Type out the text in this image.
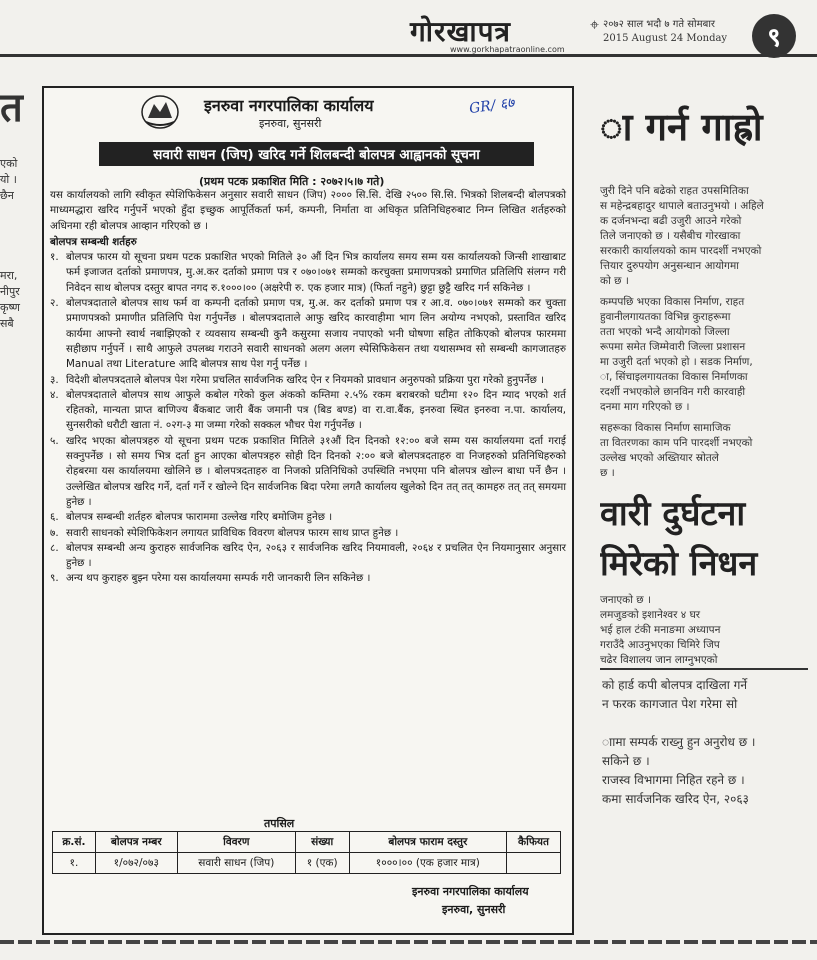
गोरखापत्र
www.gorkhapatraonline.com
⌖ २०७२ साल भदौ ७ गते सोमबार
2015 August 24 Monday	९
त
एको
यो ।
छैन

मरा,
नीपुर
कृष्ण
सबै
ा गर्न गाह्रो
जुरी दिने पनि बढेको राहत उपसमितिका
स महेन्द्रबहादुर थापाले बताउनुभयो । अहिले
क दर्जनभन्दा बढी उजुरी आउने गरेको
तिले जनाएको छ । यसैबीच गोरखाका
सरकारी कार्यालयको काम पारदर्शी नभएको
त्तियार दुरुपयोग अनुसन्धान आयोगमा
को छ ।
कम्पपछि भएका विकास निर्माण, राहत
हुवानीलगायतका विभिन्न कुराहरूमा
तता भएको भन्दै आयोगको जिल्ला
रूपमा समेत जिम्मेवारी जिल्ला प्रशासन
मा उजुरी दर्ता भएको हो । सडक निर्माण,
ा, सिंचाइलगायतका विकास निर्माणका
रदर्शी नभएकोले छानविन गरी कारवाही
दनमा माग गरिएको छ ।
सहरूका विकास निर्माण सामाजिक
ता वितरणका काम पनि पारदर्शी नभएको
उल्लेख भएको अख्तियार स्रोतले
छ ।
वारी दुर्घटना
मिरेको निधन
जनाएको छ ।
लमजुङको इशानेश्वर ४ घर
भई हाल टंकी मनाङमा अध्यापन
गराउँदै आउनुभएका चिमिरे जिप
चढेर विशालय जान लाग्नुभएको
को हार्ड कपी बोलपत्र दाखिला गर्ने
न फरक कागजात पेश गरेमा सो

ाामा सम्पर्क राख्नु हुन अनुरोध छ ।
सकिने छ ।
राजस्व विभागमा निहित रहने छ ।
कमा सार्वजनिक खरिद ऐन, २०६३
इनरुवा नगरपालिका कार्यालय
इनरुवा, सुनसरी
GR/ ६७
सवारी साधन (जिप) खरिद गर्ने शिलबन्दी बोलपत्र आह्वानको सूचना
(प्रथम पटक प्रकाशित मिति : २०७२।५।७ गते)
यस कार्यालयको लागि स्वीकृत स्पेशिफिकेसन अनुसार सवारी साधन (जिप) २००० सि.सि. देखि २५०० सि.सि. भित्रको शिलबन्दी बोलपत्रको माध्यमद्धारा खरिद गर्नुपर्ने भएको हुँदा इच्छुक आपूर्तिकर्ता फर्म, कम्पनी, निर्माता वा अधिकृत प्रतिनिधिहरुबाट निम्न लिखित शर्तहरुको अधिनमा रही बोलपत्र आव्हान गरिएको छ ।
बोलपत्र सम्बन्धी शर्तहरु
१. बोलपत्र फारम यो सूचना प्रथम पटक प्रकाशित भएको मितिले ३० औं दिन भित्र कार्यालय समय सम्म यस कार्यालयको जिन्सी शाखाबाट फर्म इजाजत दर्ताको प्रमाणपत्र, मु.अ.कर दर्ताको प्रमाण पत्र र ०७०।०७१ सम्मको करचुक्ता प्रमाणपत्रको प्रमाणित प्रतिलिपि संलग्न गरी निवेदन साथ बोलपत्र दस्तुर बापत नगद रु.१०००।०० (अक्षरेपी रु. एक हजार मात्र) (फिर्ता नहुने) छुट्टा छुट्टै खरिद गर्न सकिनेछ ।
२. बोलपत्रदाताले बोलपत्र साथ फर्म वा कम्पनी दर्ताको प्रमाण पत्र, मु.अ. कर दर्ताको प्रमाण पत्र र आ.व. ०७०।०७१ सम्मको कर चुक्ता प्रमाणपत्रको प्रमाणीत प्रतिलिपि पेश गर्नुपर्नेछ । बोलपत्रदाताले आफु खरिद कारवाहीमा भाग लिन अयोग्य नभएको, प्रस्तावित खरिद कार्यमा आफ्नो स्वार्थ नबाझिएको र व्यवसाय सम्बन्धी कुनै कसुरमा सजाय नपाएको भनी घोषणा सहित तोकिएको बोलपत्र फारममा सहीछाप गर्नुपर्ने । साथै आफुले उपलब्ध गराउने सवारी साधनको अलग अलग स्पेसिफिकेसन तथा यथासम्भव सो सम्बन्धी कागजातहरु Manual तथा Literature आदि बोलपत्र साथ पेश गर्नु पर्नेछ ।
३. विदेशी बोलपत्रदताले बोलपत्र पेश गरेमा प्रचलित सार्वजनिक खरिद ऐन र नियमको प्रावधान अनुरुपको प्रक्रिया पुरा गरेको हुनुपर्नेछ ।
४. बोलपत्रदाताले बोलपत्र साथ आफुले कबोल गरेको कुल अंकको कम्तिमा २.५% रकम बराबरको घटीमा १२० दिन म्याद भएको शर्त रहितको, मान्यता प्राप्त बाणिज्य बैंकबाट जारी बैंक जमानी पत्र (बिड बण्ड) वा रा.वा.बैंक, इनरुवा स्थित इनरुवा न.पा. कार्यालय, सुनसरीको धरौटी खाता नं. ०२ग-३ मा जम्मा गरेको सक्कल भौचर पेश गर्नुपर्नेछ ।
५. खरिद भएका बोलपत्रहरु यो सूचना प्रथम पटक प्रकाशित मितिले ३१औं दिन दिनको १२:०० बजे सम्म यस कार्यालयमा दर्ता गराई सक्नुपर्नेछ । सो समय भित्र दर्ता हुन आएका बोलपत्रहरु सोही दिन दिनको २:०० बजे बोलपत्रदताहरु वा निजहरुको प्रतिनिधिहरुको रोहबरमा यस कार्यालयमा खोलिने छ । बोलपत्रदताहरु वा निजको प्रतिनिधिको उपस्थिति नभएमा पनि बोलपत्र खोल्न बाधा पर्ने छैन । उल्लेखित बोलपत्र खरिद गर्ने, दर्ता गर्ने र खोल्ने दिन सार्वजनिक बिदा परेमा लगतै कार्यालय खुलेको दिन तत् तत् कामहरु तत् तत् समयमा हुनेछ ।
६. बोलपत्र सम्बन्धी शर्तहरु बोलपत्र फाराममा उल्लेख गरिए बमोजिम हुनेछ ।
७. सवारी साधनको स्पेशिफिकेशन लगायत प्राविधिक विवरण बोलपत्र फारम साथ प्राप्त हुनेछ ।
८. बोलपत्र सम्बन्धी अन्य कुराहरु सार्वजनिक खरिद ऐन, २०६३ र सार्वजनिक खरिद नियमावली, २०६४ र प्रचलित ऐन नियमानुसार अनुसार हुनेछ ।
९. अन्य थप कुराहरु बुझ्न परेमा यस कार्यालयमा सम्पर्क गरी जानकारी लिन सकिनेछ ।
तपसिल
क्र.सं.	बोलपत्र नम्बर	विवरण	संख्या	बोलपत्र फाराम दस्तुर	कैफियत
१.	१/०७२/०७३	सवारी साधन (जिप)	१ (एक)	१०००।०० (एक हजार मात्र)	
इनरुवा नगरपालिका कार्यालय
इनरुवा, सुनसरी
